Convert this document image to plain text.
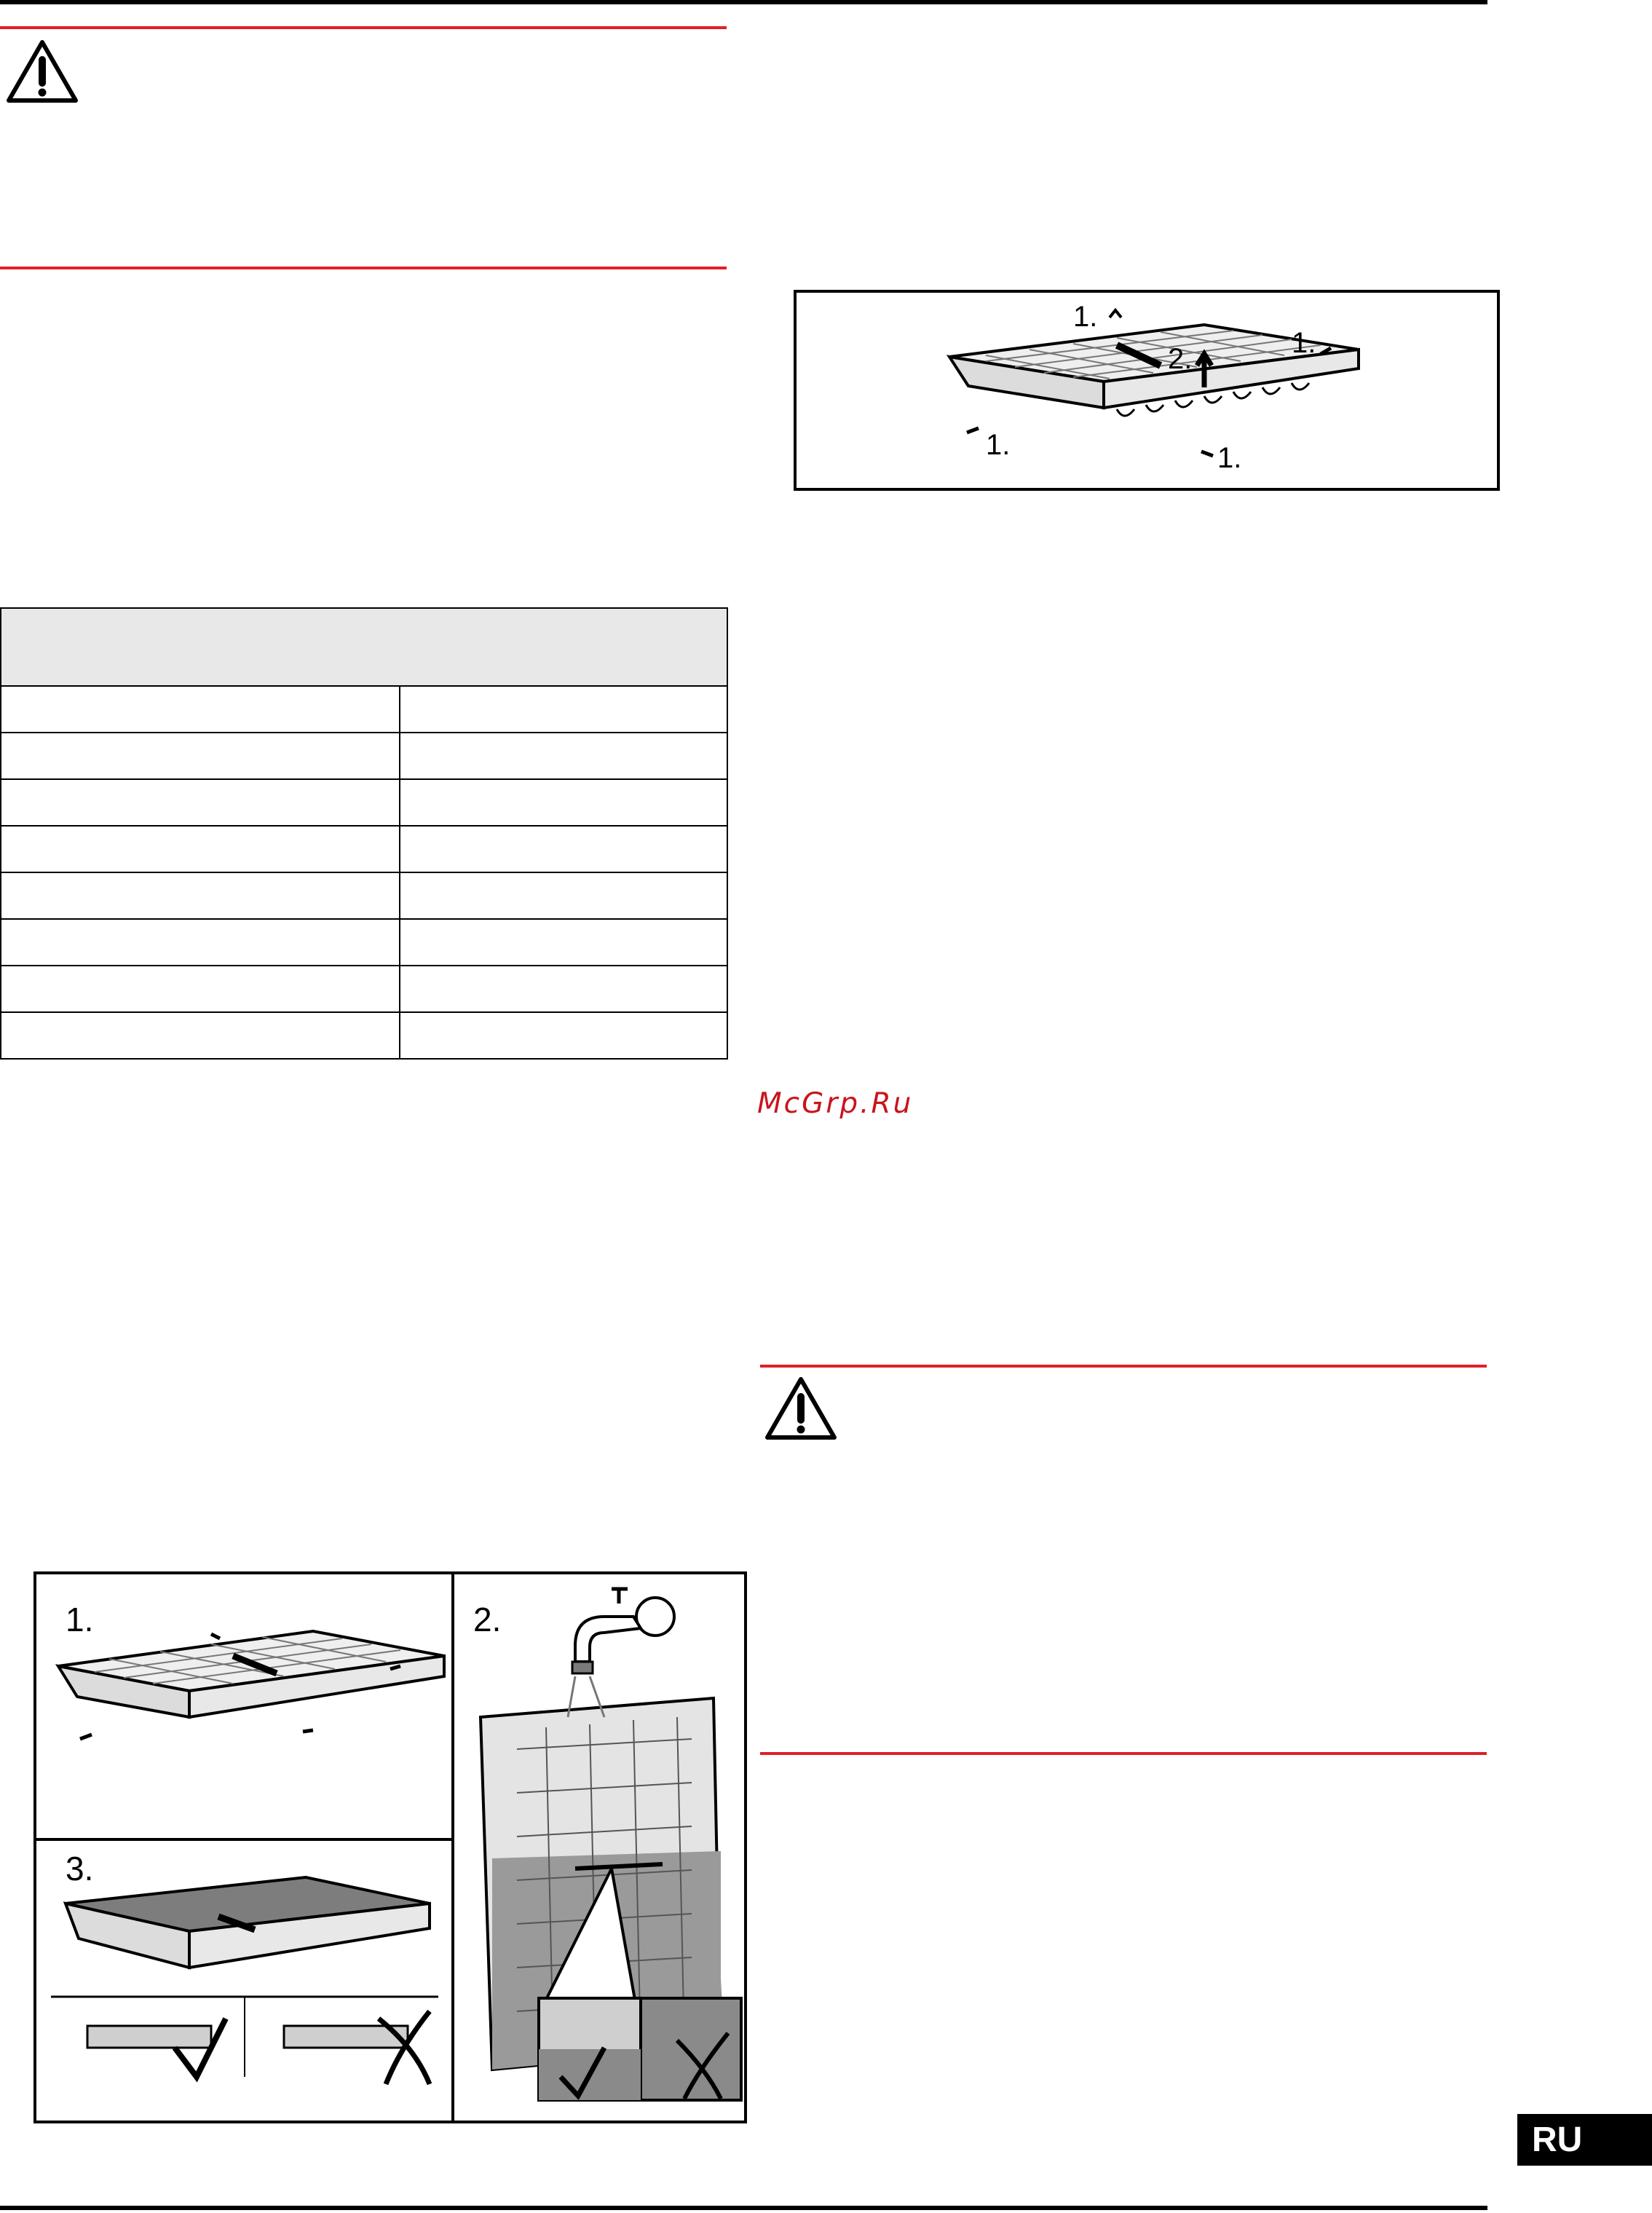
1.
1.
2.
1.	1.
McGrp.Ru
1.
3.
2.
RU
